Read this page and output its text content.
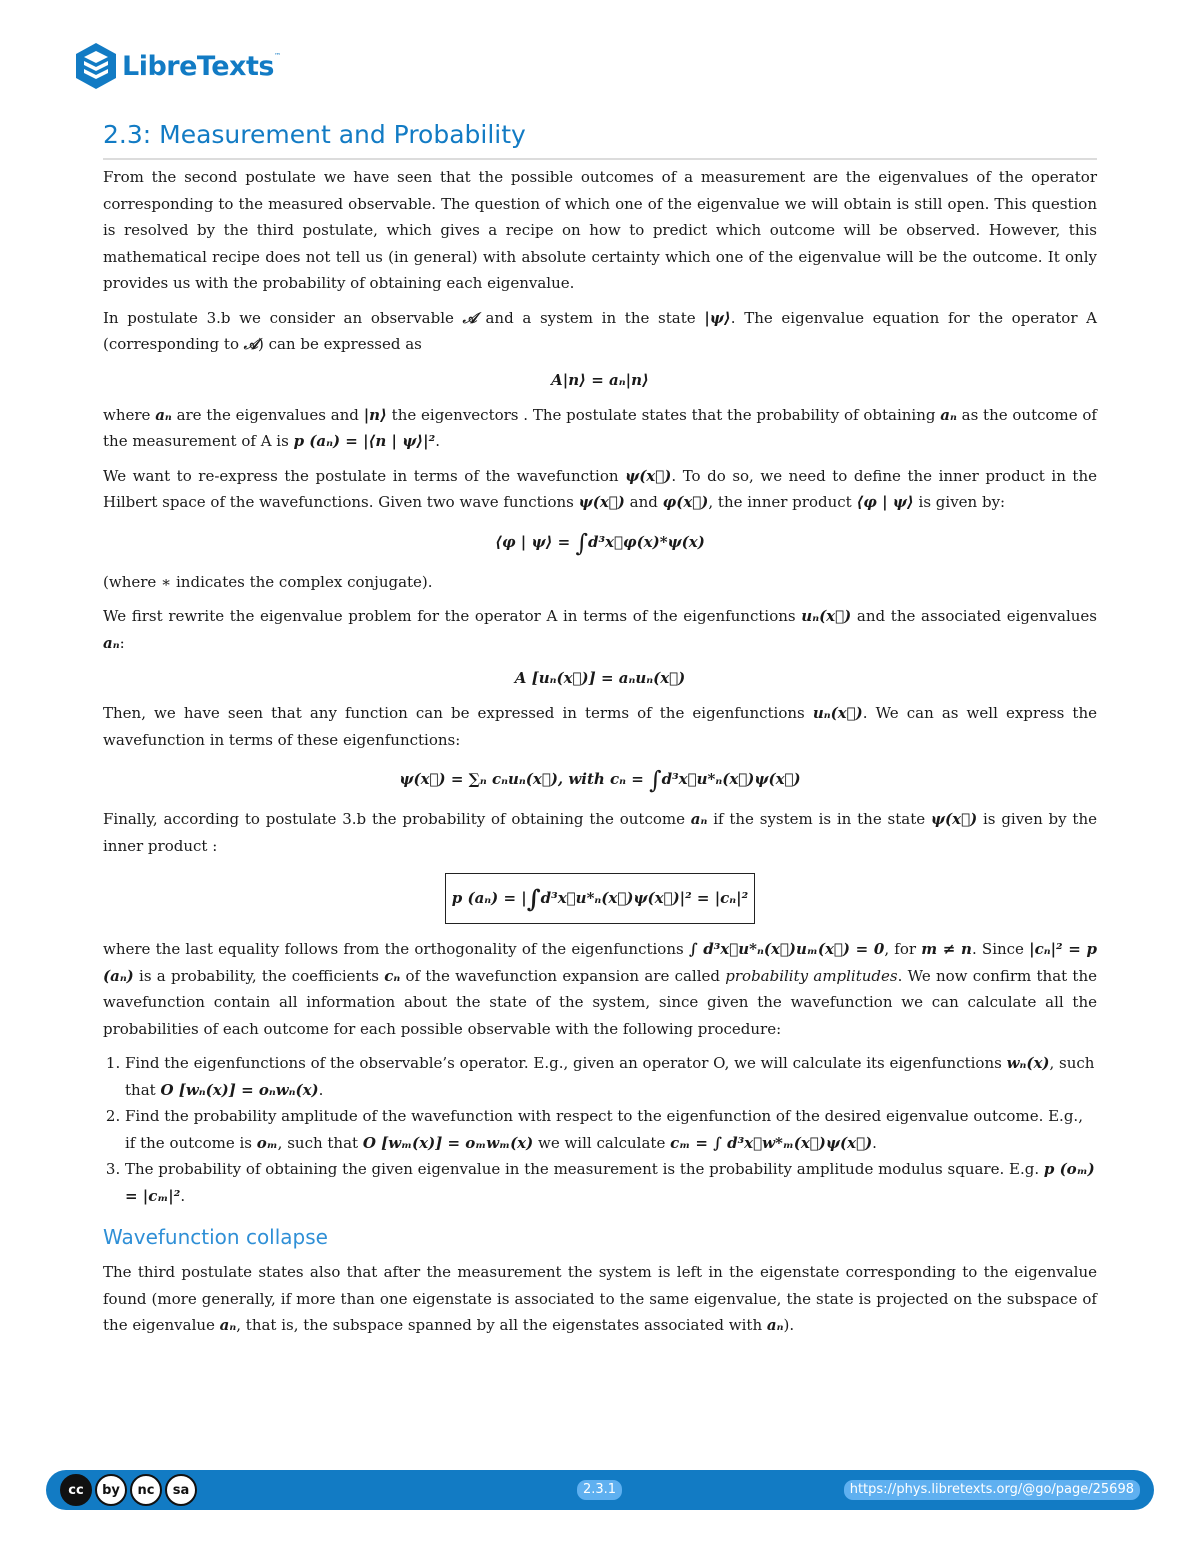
LibreTexts ™
2.3: Measurement and Probability

From the second postulate we have seen that the possible outcomes of a measurement are the eigenvalues of the operator corresponding to the measured observable. The question of which one of the eigenvalue we will obtain is still open. This question is resolved by the third postulate, which gives a recipe on how to predict which outcome will be observed. However, this mathematical recipe does not tell us (in general) with absolute certainty which one of the eigenvalue will be the outcome. It only provides us with the probability of obtaining each eigenvalue.

In postulate 3.b we consider an observable 𝒜 and a system in the state |ψ⟩. The eigenvalue equation for the operator A (corresponding to 𝒜) can be expressed as

A|n⟩ = aₙ|n⟩

where aₙ are the eigenvalues and |n⟩ the eigenvectors . The postulate states that the probability of obtaining aₙ as the outcome of the measurement of A is p (aₙ) = |⟨n | ψ⟩|².

We want to re-express the postulate in terms of the wavefunction ψ(x⃗). To do so, we need to define the inner product in the Hilbert space of the wavefunctions. Given two wave functions ψ(x⃗) and φ(x⃗), the inner product ⟨φ | ψ⟩ is given by:

⟨φ | ψ⟩ = ∫d³x⃗φ(x)*ψ(x)

(where ∗ indicates the complex conjugate).

We first rewrite the eigenvalue problem for the operator A in terms of the eigenfunctions uₙ(x⃗) and the associated eigenvalues aₙ:

A [uₙ(x⃗)] = aₙuₙ(x⃗)

Then, we have seen that any function can be expressed in terms of the eigenfunctions uₙ(x⃗). We can as well express the wavefunction in terms of these eigenfunctions:

ψ(x⃗) = ∑ₙ cₙuₙ(x⃗), with cₙ = ∫d³x⃗u*ₙ(x⃗)ψ(x⃗)

Finally, according to postulate 3.b the probability of obtaining the outcome aₙ if the system is in the state ψ(x⃗) is given by the inner product :

p (aₙ) = |∫d³x⃗u*ₙ(x⃗)ψ(x⃗)|² = |cₙ|²

where the last equality follows from the orthogonality of the eigenfunctions ∫ d³x⃗u*ₙ(x⃗)uₘ(x⃗) = 0, for m ≠ n. Since |cₙ|² = p (aₙ) is a probability, the coefficients cₙ of the wavefunction expansion are called probability amplitudes. We now confirm that the wavefunction contain all information about the state of the system, since given the wavefunction we can calculate all the probabilities of each outcome for each possible observable with the following procedure:

1. Find the eigenfunctions of the observable’s operator. E.g., given an operator O, we will calculate its eigenfunctions wₙ(x), such that O [wₙ(x)] = oₙwₙ(x).
2. Find the probability amplitude of the wavefunction with respect to the eigenfunction of the desired eigenvalue outcome. E.g., if the outcome is oₘ, such that O [wₘ(x)] = oₘwₘ(x) we will calculate cₘ = ∫ d³x⃗w*ₘ(x⃗)ψ(x⃗).
3. The probability of obtaining the given eigenvalue in the measurement is the probability amplitude modulus square. E.g. p (oₘ) = |cₘ|².
Wavefunction collapse

The third postulate states also that after the measurement the system is left in the eigenstate corresponding to the eigenvalue found (more generally, if more than one eigenstate is associated to the same eigenvalue, the state is projected on the subspace of the eigenvalue aₙ, that is, the subspace spanned by all the eigenstates associated with aₙ).

cc	by	nc	sa	2.3.1	https://phys.libretexts.org/@go/page/25698
